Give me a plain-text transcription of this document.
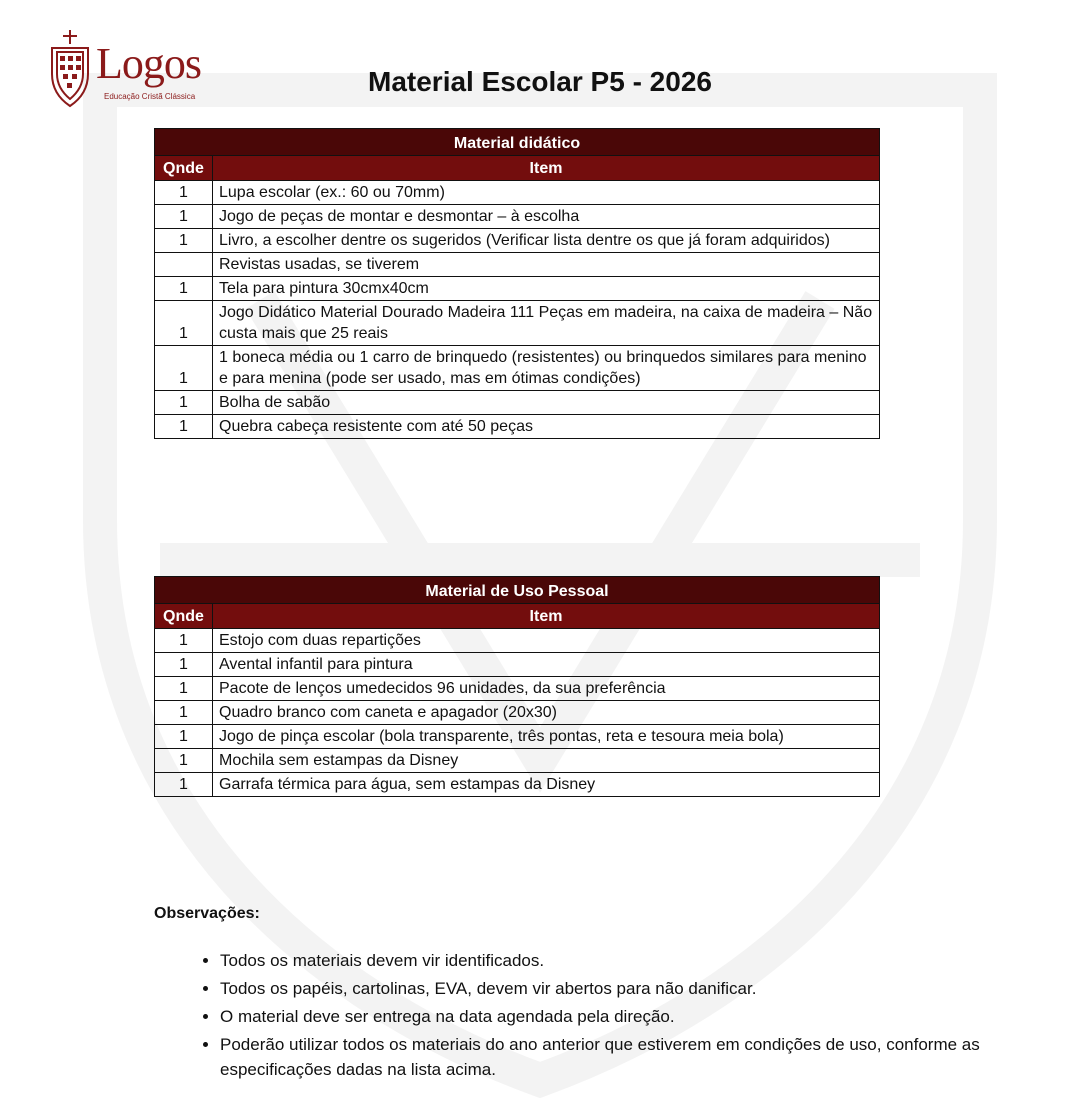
Logos
Educação Cristã Clássica	Material Escolar P5 - 2026
Material didático	
Qnde	Item
1	Lupa escolar (ex.: 60 ou 70mm)
1	Jogo de peças de montar e desmontar – à escolha
1	Livro, a escolher dentre os sugeridos (Verificar lista dentre os que já foram adquiridos)
	Revistas usadas, se tiverem
1	Tela para pintura 30cmx40cm
1	Jogo Didático Material Dourado Madeira 111 Peças em madeira, na caixa de madeira – Não custa mais que 25 reais
1	1 boneca média ou 1 carro de brinquedo (resistentes) ou brinquedos similares para menino e para menina (pode ser usado, mas em ótimas condições)
1	Bolha de sabão
1	Quebra cabeça resistente com até 50 peças
Material de Uso Pessoal	
Qnde	Item
1	Estojo com duas repartições
1	Avental infantil para pintura
1	Pacote de lenços umedecidos 96 unidades, da sua preferência
1	Quadro branco com caneta e apagador (20x30)
1	Jogo de pinça escolar (bola transparente, três pontas, reta e tesoura meia bola)
1	Mochila sem estampas da Disney
1	Garrafa térmica para água, sem estampas da Disney
Observações:
• Todos os materiais devem vir identificados.
• Todos os papéis, cartolinas, EVA, devem vir abertos para não danificar.
• O material deve ser entrega na data agendada pela direção.
• Poderão utilizar todos os materiais do ano anterior que estiverem em condições de uso, conforme as especificações dadas na lista acima.
